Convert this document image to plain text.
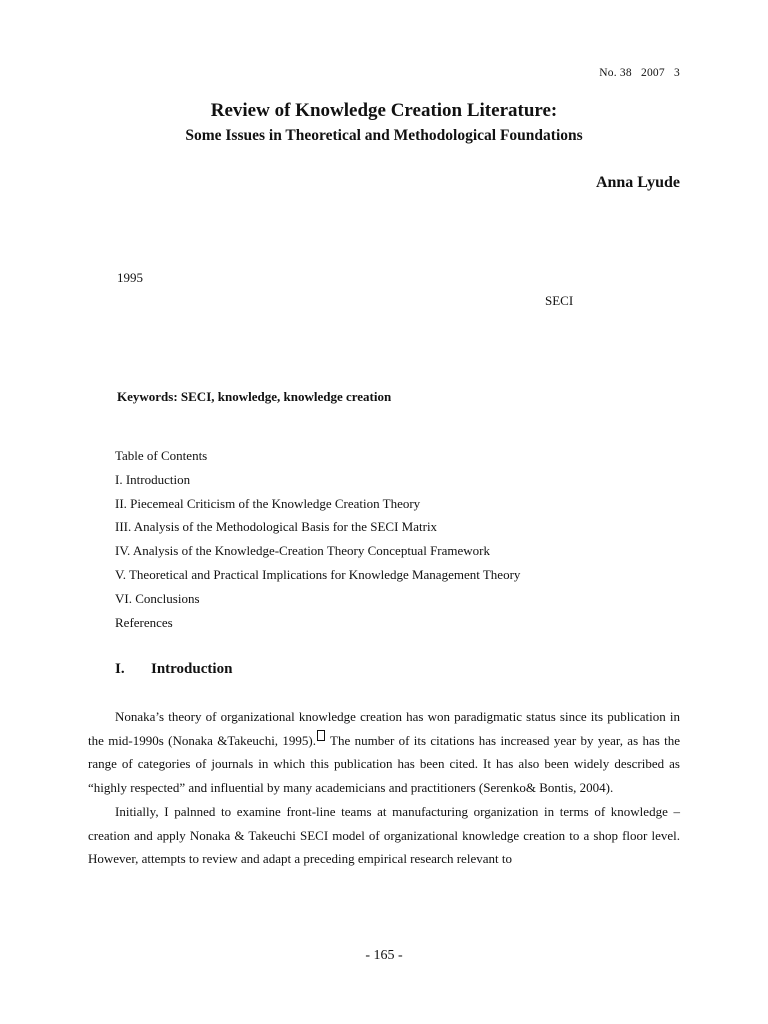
No. 38   2007   3
Review of Knowledge Creation Literature:
Some Issues in Theoretical and Methodological Foundations
Anna Lyude
1995
SECI
Keywords: SECI, knowledge, knowledge creation
Table of Contents
I. Introduction
II. Piecemeal Criticism of the Knowledge Creation Theory
III. Analysis of the Methodological Basis for the SECI Matrix
IV. Analysis of the Knowledge-Creation Theory Conceptual Framework
V. Theoretical and Practical Implications for Knowledge Management Theory
VI. Conclusions
References
I. Introduction

Nonaka’s theory of organizational knowledge creation has won paradigmatic status since its publication in the mid-1990s (Nonaka &Takeuchi, 1995). The number of its citations has increased year by year, as has the range of categories of journals in which this publication has been cited. It has also been widely described as “highly respected” and influential by many academicians and practitioners (Serenko& Bontis, 2004).

Initially, I palnned to examine front-line teams at manufacturing organization in terms of knowledge –creation and apply Nonaka & Takeuchi SECI model of organizational knowledge creation to a shop floor level. However, attempts to review and adapt a preceding empirical research relevant to

- 165 -
